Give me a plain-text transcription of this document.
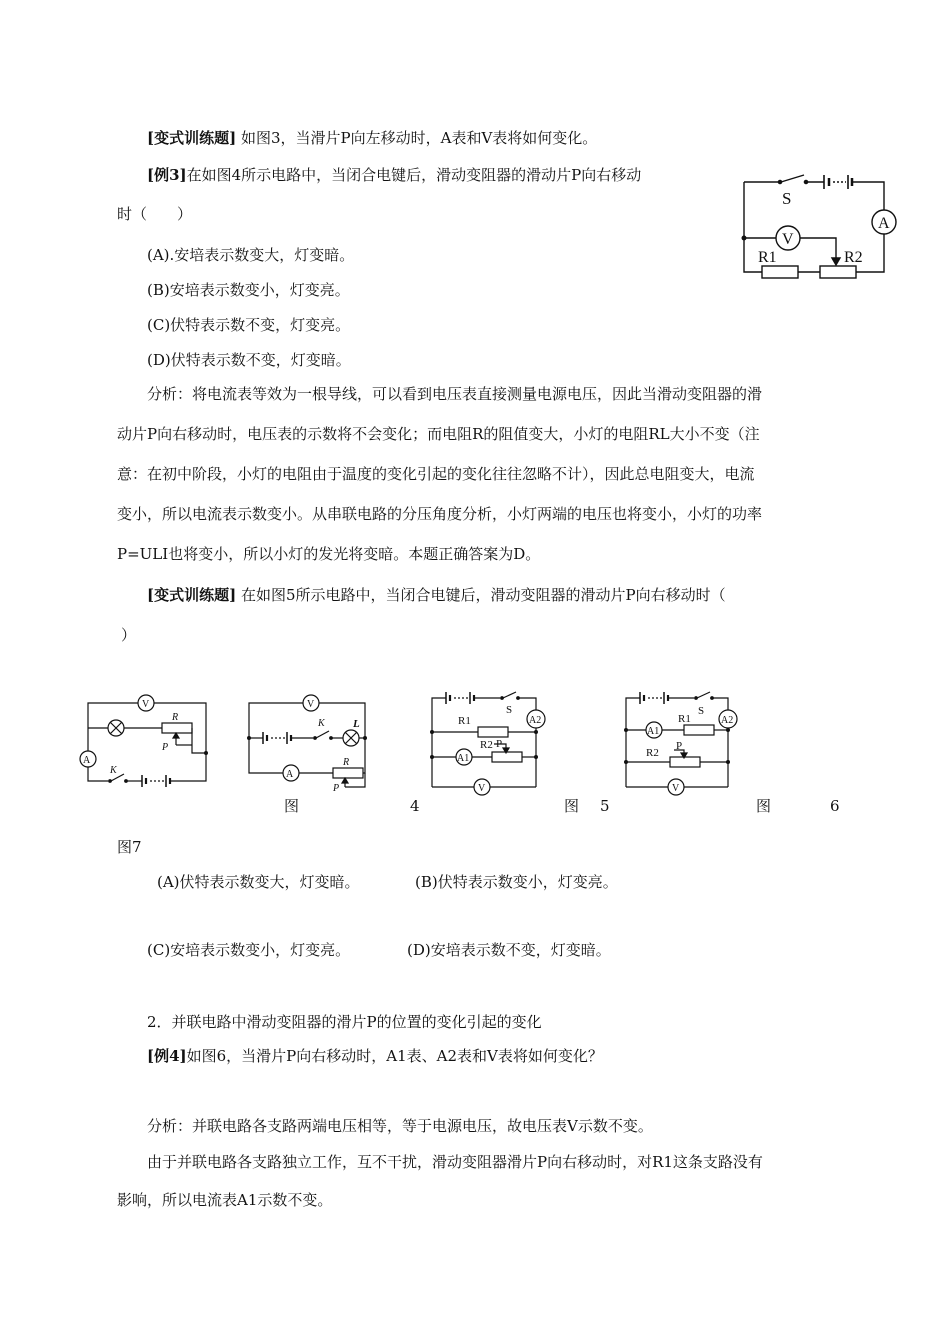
[变式训练题] 如图3，当滑片P向左移动时，A表和V表将如何变化。
[例3]在如图4所示电路中，当闭合电键后，滑动变阻器的滑动片P向右移动
时（　　）
(A).安培表示数变大，灯变暗。
(B)安培表示数变小，灯变亮。
(C)伏特表示数不变，灯变亮。
(D)伏特表示数不变，灯变暗。
S
A
V
R1	R2
分析：将电流表等效为一根导线，可以看到电压表直接测量电源电压，因此当滑动变阻器的滑
动片P向右移动时，电压表的示数将不会变化；而电阻R的阻值变大，小灯的电阻RL大小不变（注
意：在初中阶段，小灯的电阻由于温度的变化引起的变化往往忽略不计），因此总电阻变大，电流
变小，所以电流表示数变小。从串联电路的分压角度分析，小灯两端的电压也将变小，小灯的功率
P=ULI也将变小，所以小灯的发光将变暗。本题正确答案为D。
[变式训练题] 在如图5所示电路中，当闭合电键后，滑动变阻器的滑动片P向右移动时（
）
V
A
R
P
K
V
A
K	L
R
P
R1
S
A2
R2 P
A1
V
A1
R1
S
A2
R2
P
V
图	4	图 5	图	6
图7
(A)伏特表示数变大，灯变暗。	(B)伏特表示数变小，灯变亮。
(C)安培表示数变小，灯变亮。	(D)安培表示数不变，灯变暗。
2．并联电路中滑动变阻器的滑片P的位置的变化引起的变化
[例4]如图6，当滑片P向右移动时，A1表、A2表和V表将如何变化？
分析：并联电路各支路两端电压相等，等于电源电压，故电压表V示数不变。
由于并联电路各支路独立工作，互不干扰，滑动变阻器滑片P向右移动时，对R1这条支路没有
影响，所以电流表A1示数不变。
